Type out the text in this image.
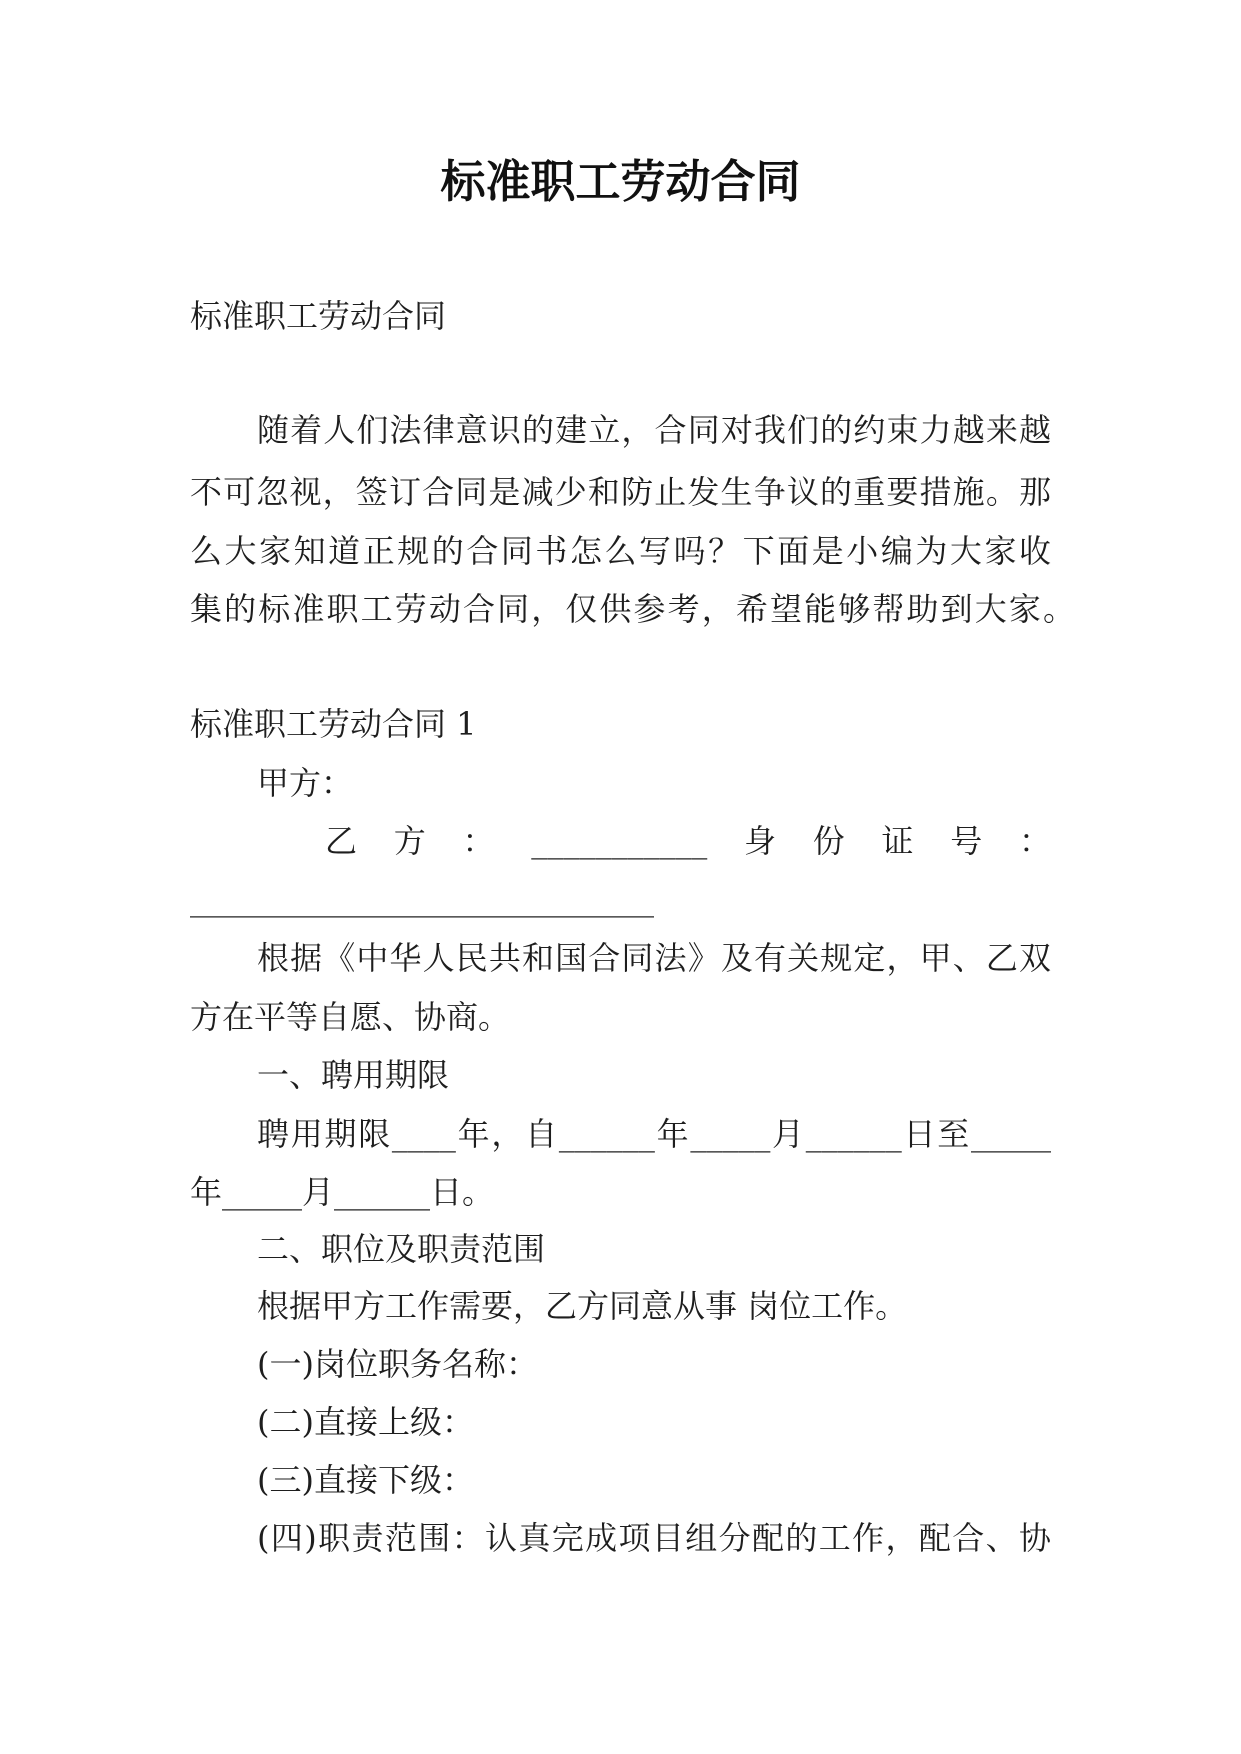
标准职工劳动合同
标准职工劳动合同
随着人们法律意识的建立，合同对我们的约束力越来越
不可忽视，签订合同是减少和防止发生争议的重要措施。那
么大家知道正规的合同书怎么写吗？下面是小编为大家收
集的标准职工劳动合同，仅供参考，希望能够帮助到大家。
标准职工劳动合同 1
甲方：
乙 方 ： ___________ 身 份 证 号 ：
_____________________________
根据《中华人民共和国合同法》及有关规定，甲、乙双
方在平等自愿、协商。
一、聘用期限
聘用期限____年，自______年_____月______日至_____
年_____月______日。
二、职位及职责范围
根据甲方工作需要，乙方同意从事 岗位工作。
(一)岗位职务名称：
(二)直接上级：
(三)直接下级：
(四)职责范围：认真完成项目组分配的工作，配合、协
